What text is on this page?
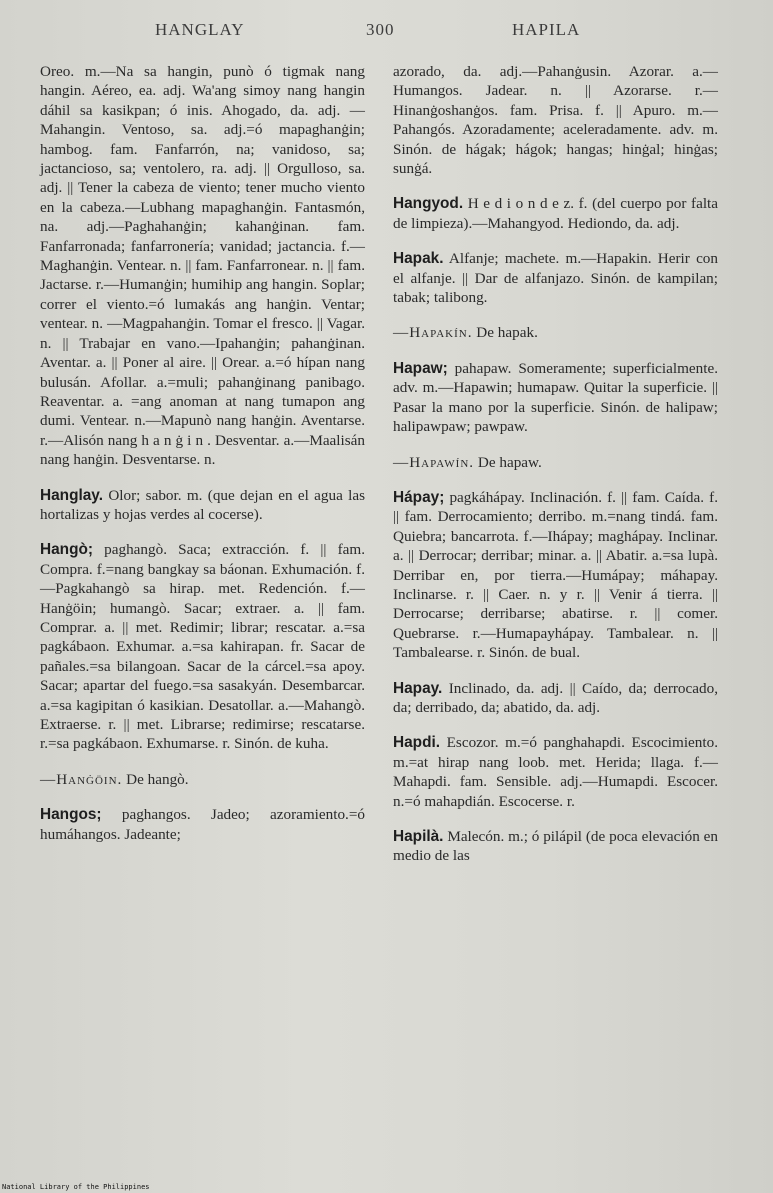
HANGLAY	300	HAPILA

Oreo. m.—Na sa hangin, punò ó tigmak nang hangin. Aéreo, ea. adj. Wa'ang simoy nang hangin dáhil sa kasikpan; ó inis. Ahogado, da. adj. —Mahangin. Ventoso, sa. adj.=ó mapaghanġin; hambog. fam. Fanfarrón, na; vanidoso, sa; jactancioso, sa; ventolero, ra. adj. || Orgulloso, sa. adj. || Tener la cabeza de viento; tener mucho viento en la cabeza.—Lubhang mapaghanġin. Fantasmón, na. adj.—Paghahanġin; kahanġinan. fam. Fanfarronada; fanfarronería; vanidad; jactancia. f.—Maghanġin. Ventear. n. || fam. Fanfarronear. n. || fam. Jactarse. r.—Humanġin; humihip ang hangin. Soplar; correr el viento.=ó lumakás ang hanġin. Ventar; ventear. n. —Magpahanġin. Tomar el fresco. || Vagar. n. || Trabajar en vano.—Ipahanġin; pahanġinan. Aventar. a. || Poner al aire. || Orear. a.=ó hípan nang bulusán. Afollar. a.=muli; pahanġinang panibago. Reaventar. a. =ang anoman at nang tumapon ang dumi. Ventear. n.—Mapunò nang hanġin. Aventarse. r.—Alisón nang h a n ġ i n . Desventar. a.—Maalisán nang hanġin. Desventarse. n.

Hanglay. Olor; sabor. m. (que dejan en el agua las hortalizas y hojas verdes al cocerse).

Hangò; paghangò. Saca; extracción. f. || fam. Compra. f.=nang bangkay sa báonan. Exhumación. f.—Pagkahangò sa hirap. met. Redención. f.—Hanġöin; humangò. Sacar; extraer. a. || fam. Comprar. a. || met. Redimir; librar; rescatar. a.=sa pagkábaon. Exhumar. a.=sa kahirapan. fr. Sacar de pañales.=sa bilangoan. Sacar de la cárcel.=sa apoy. Sacar; apartar del fuego.=sa sasakyán. Desembarcar. a.=sa kagipitan ó kasikian. Desatollar. a.—Mahangò. Extraerse. r. || met. Librarse; redimirse; rescatarse. r.=sa pagkábaon. Exhumarse. r. Sinón. de kuha.

—Hanġöin. De hangò.

Hangos; paghangos. Jadeo; azoramiento.=ó humáhangos. Jadeante;

azorado, da. adj.—Pahanġusin. Azorar. a.—Humangos. Jadear. n. || Azorarse. r.—Hinanġoshanġos. fam. Prisa. f. || Apuro. m.—Pahangós. Azoradamente; aceleradamente. adv. m. Sinón. de hágak; hágok; hangas; hinġal; hinġas; sunġá.

Hangyod. H e d i o n d e z. f. (del cuerpo por falta de limpieza).—Mahangyod. Hediondo, da. adj.

Hapak. Alfanje; machete. m.—Hapakin. Herir con el alfanje. || Dar de alfanjazo. Sinón. de kampilan; tabak; talibong.

—Hapakín. De hapak.

Hapaw; pahapaw. Someramente; superficialmente. adv. m.—Hapawin; humapaw. Quitar la superficie. || Pasar la mano por la superficie. Sinón. de halipaw; halipawpaw; pawpaw.

—Hapawín. De hapaw.

Hápay; pagkáhápay. Inclinación. f. || fam. Caída. f. || fam. Derrocamiento; derribo. m.=nang tindá. fam. Quiebra; bancarrota. f.—Ihápay; maghápay. Inclinar. a. || Derrocar; derribar; minar. a. || Abatir. a.=sa lupà. Derribar en, por tierra.—Humápay; máhapay. Inclinarse. r. || Caer. n. y r. || Venir á tierra. || Derrocarse; derribarse; abatirse. r. || comer. Quebrarse. r.—Humapayhápay. Tambalear. n. || Tambalearse. r. Sinón. de bual.

Hapay. Inclinado, da. adj. || Caído, da; derrocado, da; derribado, da; abatido, da. adj.

Hapdi. Escozor. m.=ó panghahapdi. Escocimiento. m.=at hirap nang loob. met. Herida; llaga. f.—Mahapdi. fam. Sensible. adj.—Humapdi. Escocer. n.=ó mahapdián. Escocerse. r.

Hapilà. Malecón. m.; ó pilápil (de poca elevación en medio de las

National Library of the Philippines
